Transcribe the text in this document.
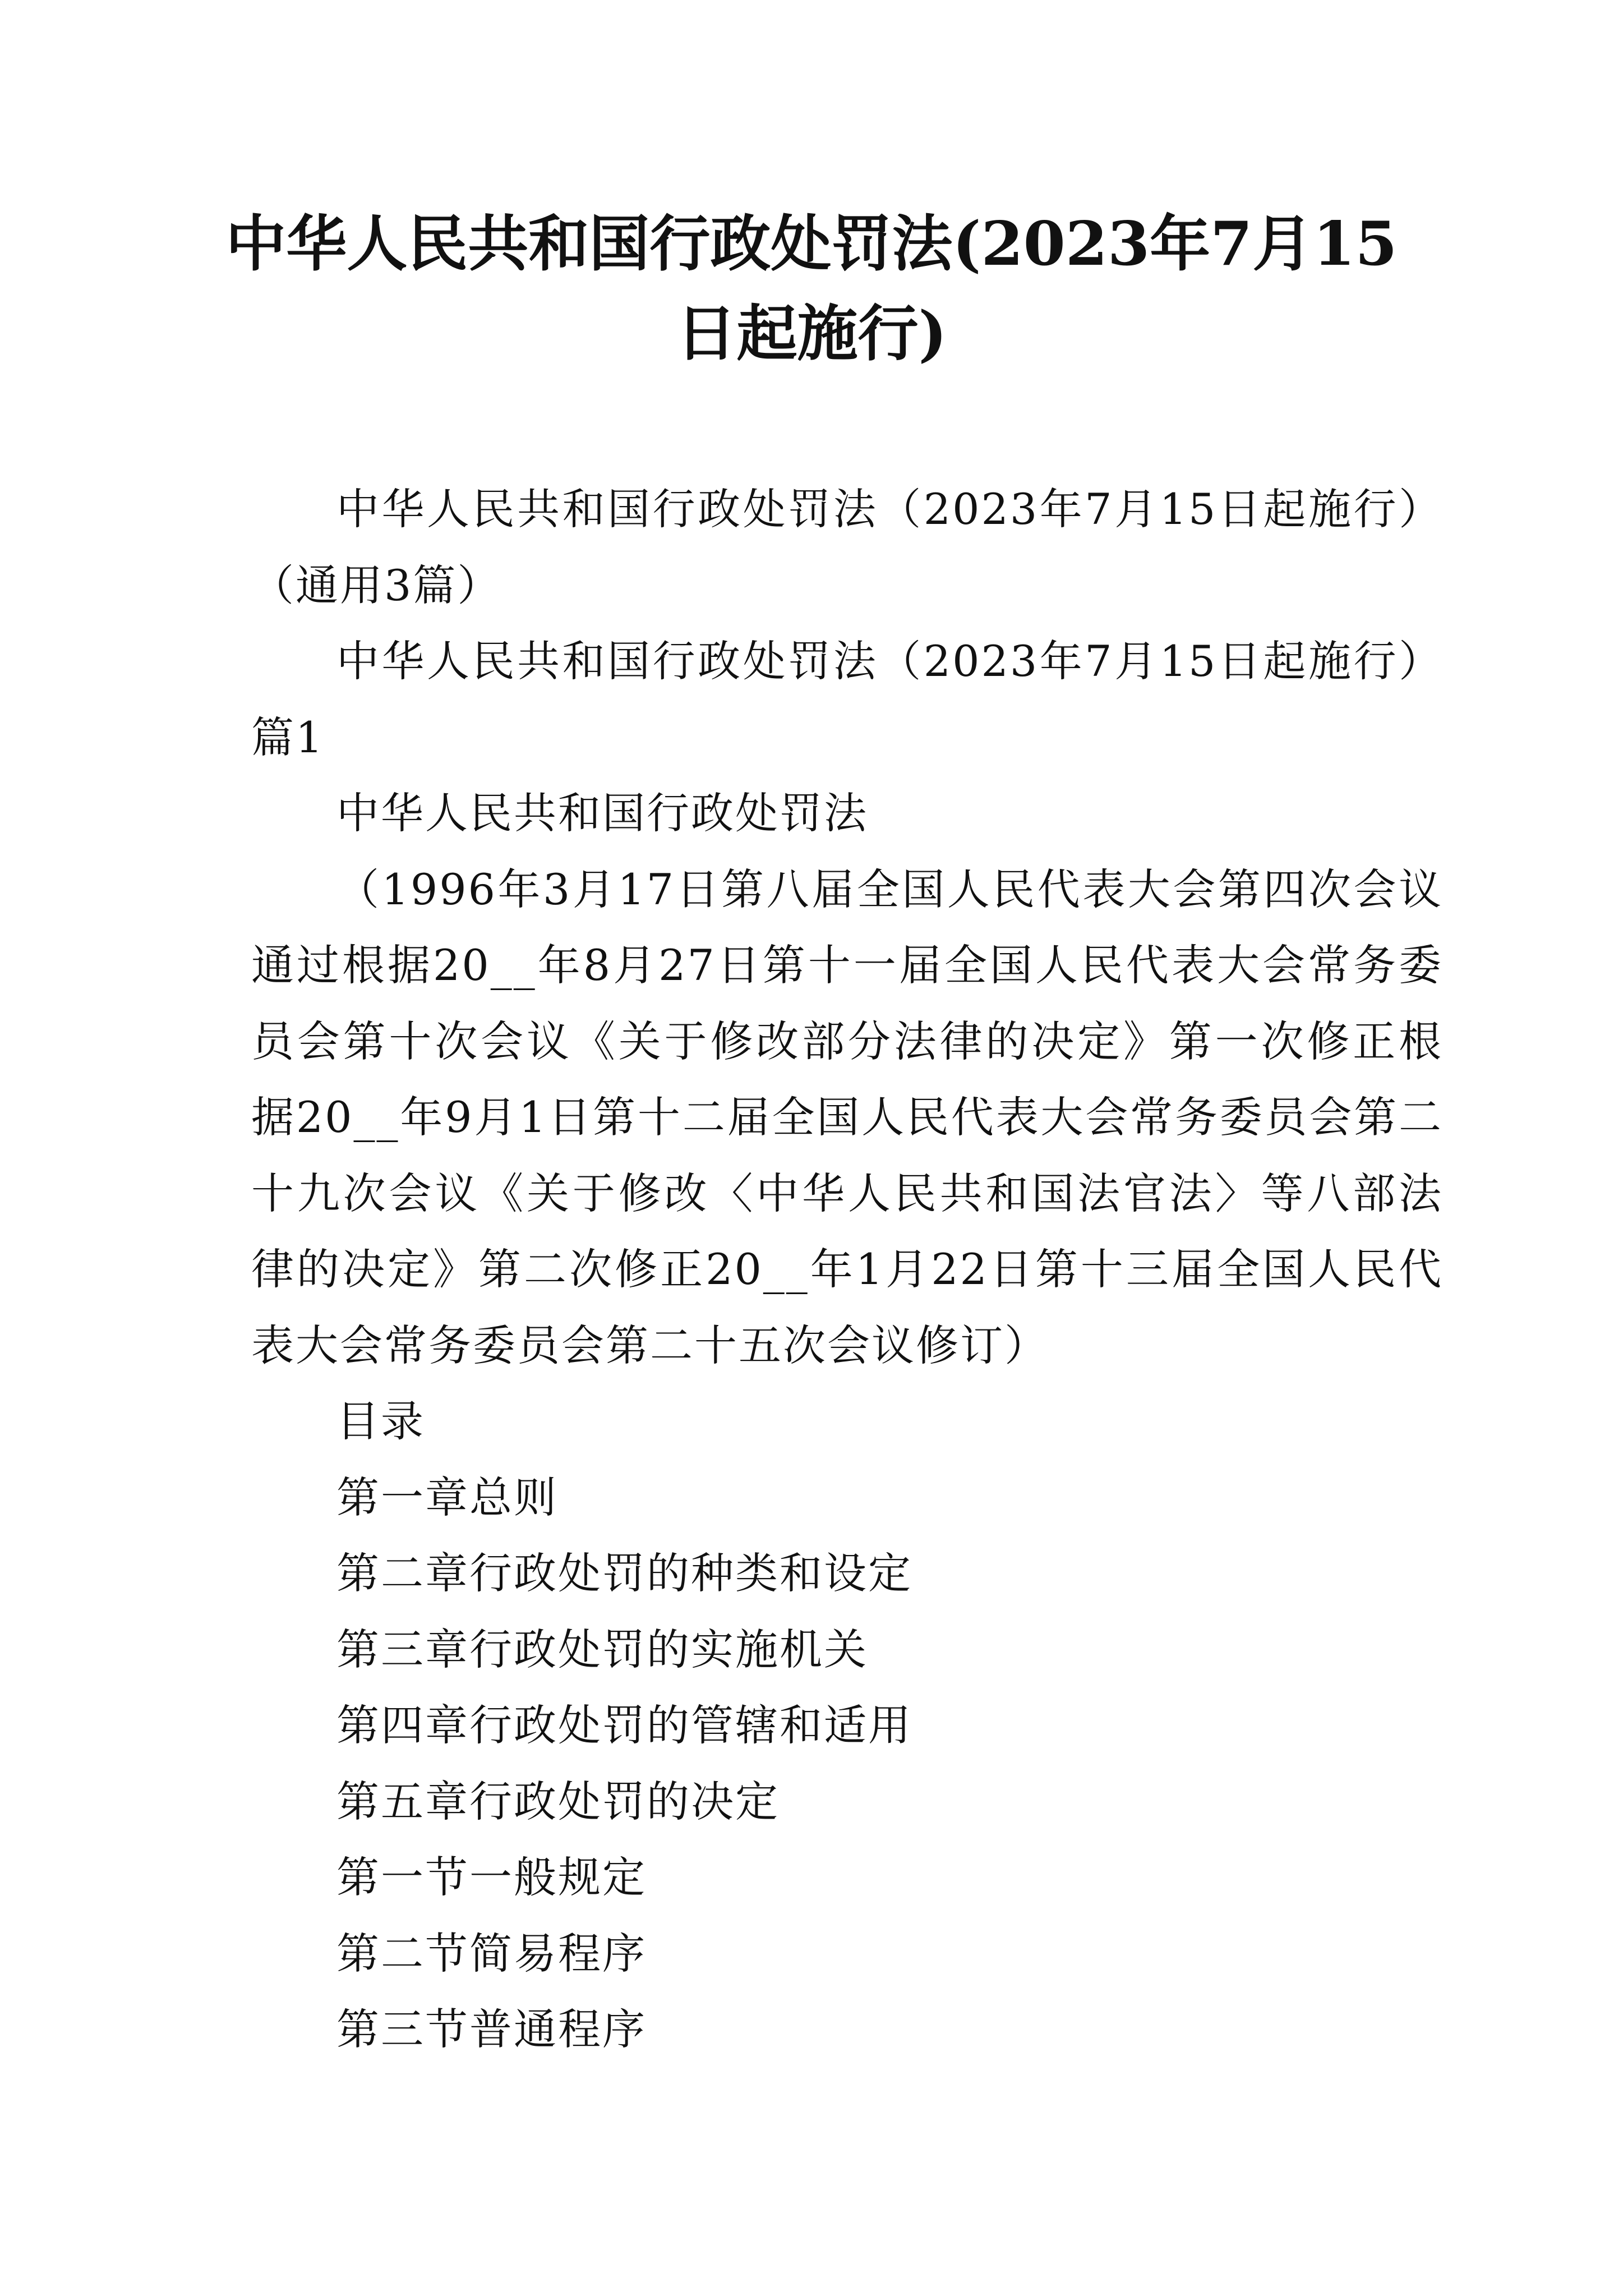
中华人民共和国行政处罚法(2023年7月15日起施行)

中华人民共和国行政处罚法（2023年7月15日起施行）（通用3篇）

中华人民共和国行政处罚法（2023年7月15日起施行）篇1

中华人民共和国行政处罚法

（1996年3月17日第八届全国人民代表大会第四次会议通过根据20__年8月27日第十一届全国人民代表大会常务委员会第十次会议《关于修改部分法律的决定》第一次修正根据20__年9月1日第十二届全国人民代表大会常务委员会第二十九次会议《关于修改〈中华人民共和国法官法〉等八部法律的决定》第二次修正20__年1月22日第十三届全国人民代表大会常务委员会第二十五次会议修订）

目录

第一章总则

第二章行政处罚的种类和设定

第三章行政处罚的实施机关

第四章行政处罚的管辖和适用

第五章行政处罚的决定

第一节一般规定

第二节简易程序

第三节普通程序
